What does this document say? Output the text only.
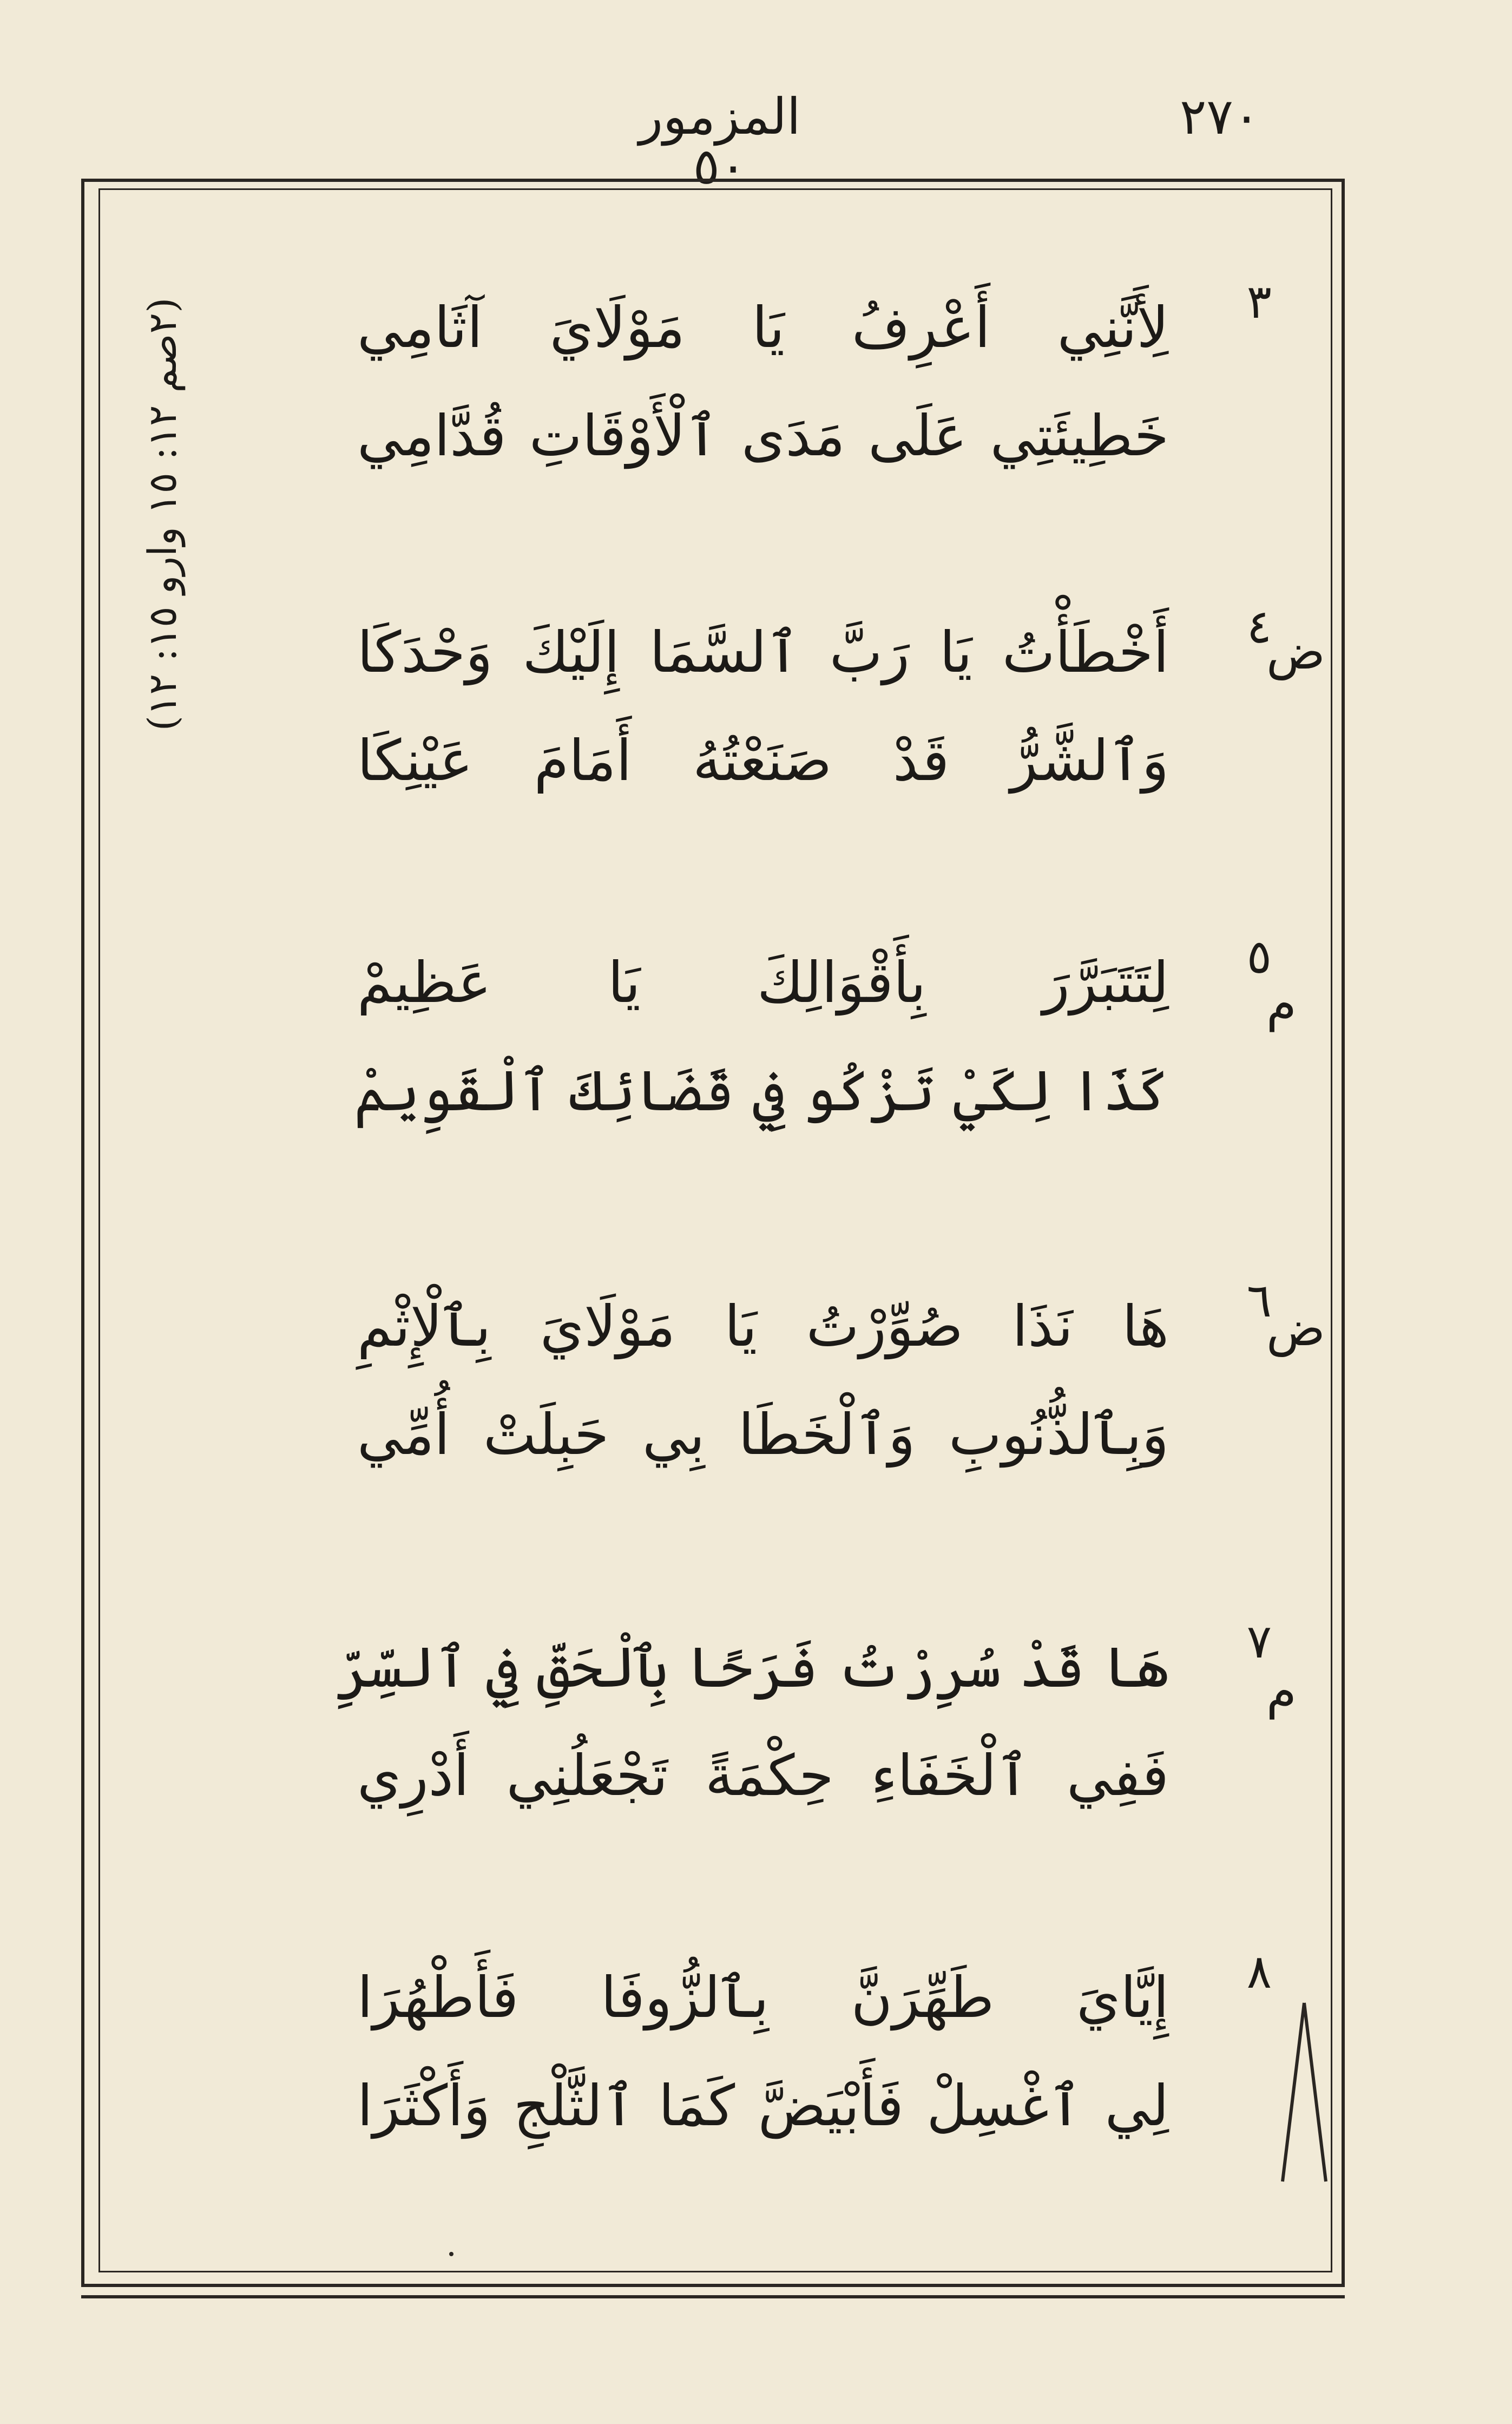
٢٧٠
المزمور ٥٠
(٢صم ١٢: ١٥ وارو ١٥: ١٢)	٣
لِأَنَّنِي أَعْرِفُ يَا مَوْلَايَ آثَامِي
خَطِيئَتِي عَلَى مَدَى ٱلْأَوْقَاتِ قُدَّامِي
ض
٤
أَخْطَأْتُ يَا رَبَّ ٱلسَّمَا إِلَيْكَ وَحْدَكَا
وَٱلشَّرُّ قَدْ صَنَعْتُهُ أَمَامَ عَيْنِكَا
م
٥
لِتَتَبَرَّرَ بِأَقْوَالِكَ يَا عَظِيمْ
كَذَا لِكَيْ تَزْكُو فِي قَضَائِكَ ٱلْقَوِيمْ
ض
٦
هَا نَذَا صُوِّرْتُ يَا مَوْلَايَ بِٱلْإِثْمِ
وَبِٱلذُّنُوبِ وَٱلْخَطَا بِي حَبِلَتْ أُمِّي
م
٧
هَا قَدْ سُرِرْتُ فَرَحًا بِٱلْحَقِّ فِي ٱلسِّرِّ
فَفِي ٱلْخَفَاءِ حِكْمَةً تَجْعَلُنِي أَدْرِي
٨
إِيَّايَ طَهِّرَنَّ بِٱلزُّوفَا فَأَطْهُرَا
لِي ٱغْسِلْ فَأَبْيَضَّ كَمَا ٱلثَّلْجِ وَأَكْثَرَا
